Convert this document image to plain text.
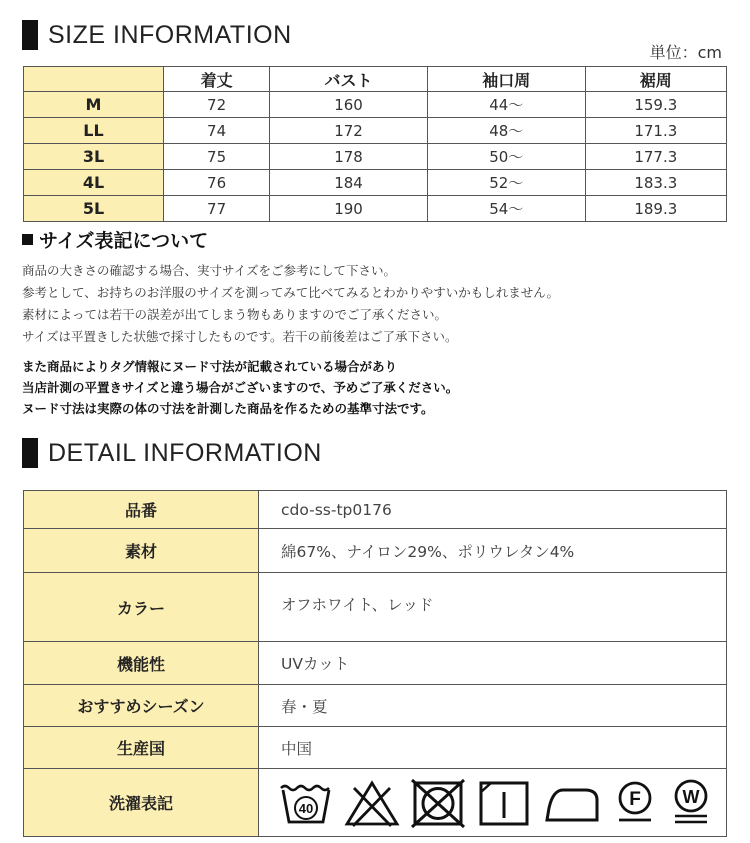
SIZE INFORMATION
単位：cm
	着丈	バスト	袖口周	裾周
M	72	160	44～	159.3
LL	74	172	48～	171.3
3L	75	178	50～	177.3
4L	76	184	52～	183.3
5L	77	190	54～	189.3
サイズ表記について
商品の大きさの確認する場合、実寸サイズをご参考にして下さい。
参考として、お持ちのお洋服のサイズを測ってみて比べてみるとわかりやすいかもしれません。
素材によっては若干の誤差が出てしまう物もありますのでご了承ください。
サイズは平置きした状態で採寸したものです。若干の前後差はご了承下さい。
また商品によりタグ情報にヌード寸法が記載されている場合があり
当店計測の平置きサイズと違う場合がございますので、予めご了承ください。
ヌード寸法は実際の体の寸法を計測した商品を作るための基準寸法です。
DETAIL INFORMATION
品番	cdo-ss-tp0176
素材	綿67%、ナイロン29%、ポリウレタン4%
カラー	オフホワイト、レッド
機能性	UVカット
おすすめシーズン	春・夏
生産国	中国
洗濯表記	40 F W
